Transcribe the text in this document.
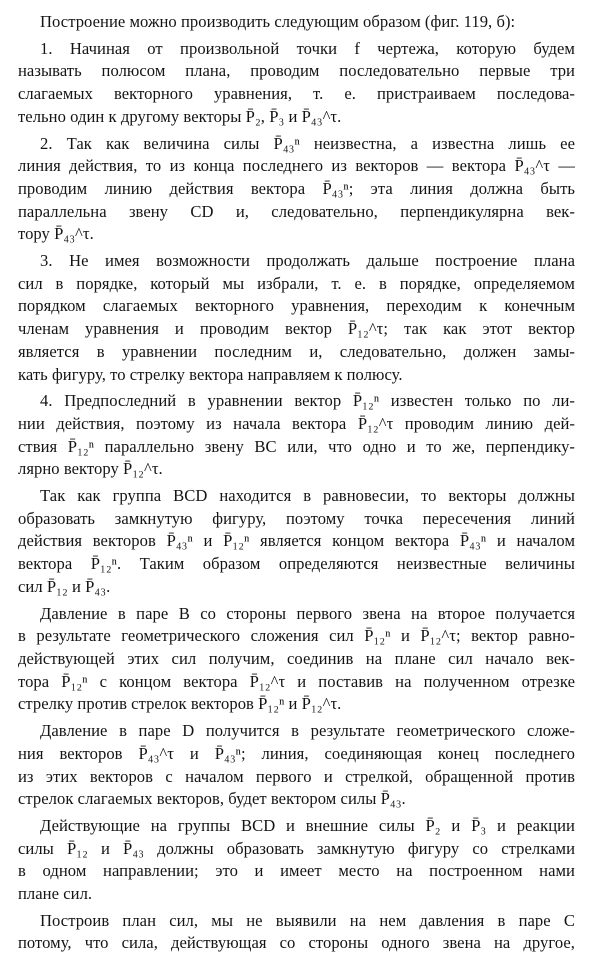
Построение можно производить следующим образом (фиг. 119, б):
1. Начиная от произвольной точки f чертежа, которую будем
называть полюсом плана, проводим последовательно первые три
слагаемых векторного уравнения, т. е. пристраиваем последова-
тельно один к другому векторы P̄₂, P̄₃ и P̄₄₃^τ.
2. Так как величина силы P̄₄₃ⁿ неизвестна, а известна лишь ее
линия действия, то из конца последнего из векторов — вектора P̄₄₃^τ —
проводим линию действия вектора P̄₄₃ⁿ; эта линия должна быть
параллельна звену CD и, следовательно, перпендикулярна век-
тору P̄₄₃^τ.
3. Не имея возможности продолжать дальше построение плана
сил в порядке, который мы избрали, т. е. в порядке, определяемом
порядком слагаемых векторного уравнения, переходим к конечным
членам уравнения и проводим вектор P̄₁₂^τ; так как этот вектор
является в уравнении последним и, следовательно, должен замы-
кать фигуру, то стрелку вектора направляем к полюсу.
4. Предпоследний в уравнении вектор P̄₁₂ⁿ известен только по ли-
нии действия, поэтому из начала вектора P̄₁₂^τ проводим линию дей-
ствия P̄₁₂ⁿ параллельно звену BC или, что одно и то же, перпендику-
лярно вектору P̄₁₂^τ.
Так как группа BCD находится в равновесии, то векторы должны
образовать замкнутую фигуру, поэтому точка пересечения линий
действия векторов P̄₄₃ⁿ и P̄₁₂ⁿ является концом вектора P̄₄₃ⁿ и началом
вектора P̄₁₂ⁿ. Таким образом определяются неизвестные величины
сил P̄₁₂ и P̄₄₃.
Давление в паре B со стороны первого звена на второе получается
в результате геометрического сложения сил P̄₁₂ⁿ и P̄₁₂^τ; вектор равно-
действующей этих сил получим, соединив на плане сил начало век-
тора P̄₁₂ⁿ с концом вектора P̄₁₂^τ и поставив на полученном отрезке
стрелку против стрелок векторов P̄₁₂ⁿ и P̄₁₂^τ.
Давление в паре D получится в результате геометрического сложе-
ния векторов P̄₄₃^τ и P̄₄₃ⁿ; линия, соединяющая конец последнего
из этих векторов с началом первого и стрелкой, обращенной против
стрелок слагаемых векторов, будет вектором силы P̄₄₃.
Действующие на группы BCD и внешние силы P̄₂ и P̄₃ и реакции
силы P̄₁₂ и P̄₄₃ должны образовать замкнутую фигуру со стрелками
в одном направлении; это и имеет место на построенном нами
плане сил.
Построив план сил, мы не выявили на нем давления в паре C
потому, что сила, действующая со стороны одного звена на другое,
